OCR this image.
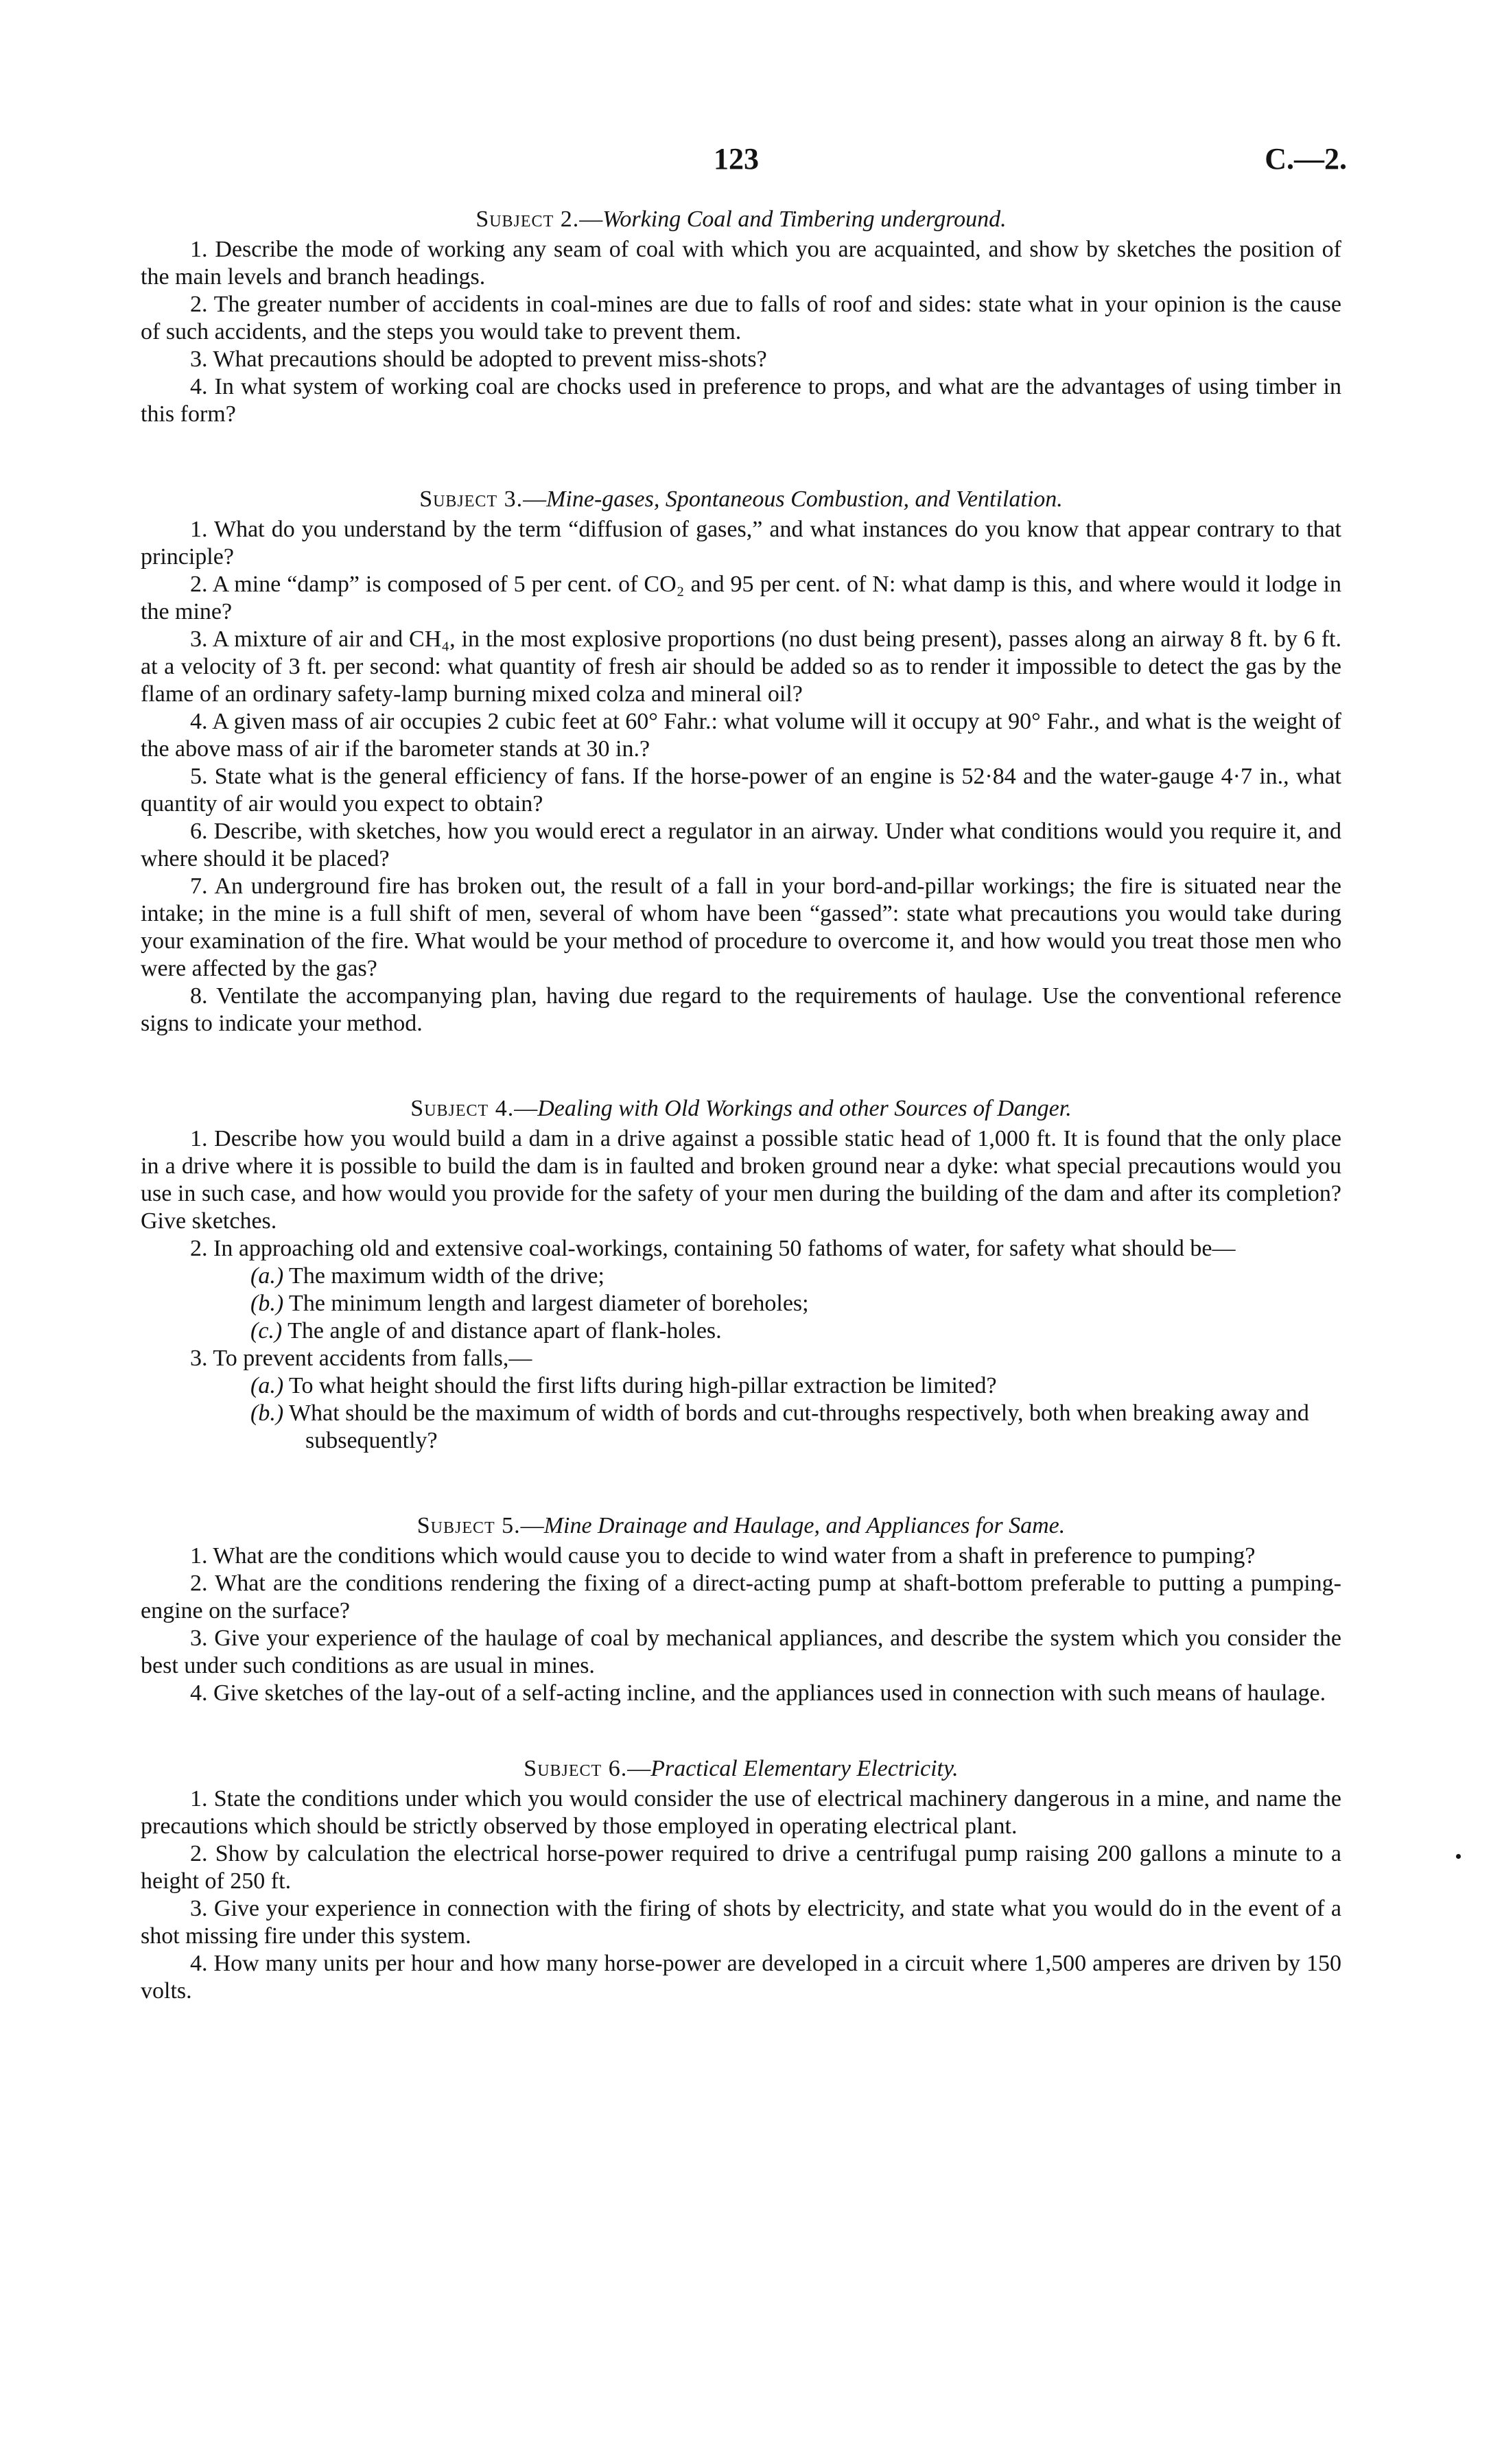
123	C.—2.

Subject 2.—Working Coal and Timbering underground.

1. Describe the mode of working any seam of coal with which you are acquainted, and show by sketches the position of the main levels and branch headings.

2. The greater number of accidents in coal-mines are due to falls of roof and sides: state what in your opinion is the cause of such accidents, and the steps you would take to prevent them.

3. What precautions should be adopted to prevent miss-shots?

4. In what system of working coal are chocks used in preference to props, and what are the advantages of using timber in this form?

Subject 3.—Mine-gases, Spontaneous Combustion, and Ventilation.

1. What do you understand by the term “diffusion of gases,” and what instances do you know that appear contrary to that principle?

2. A mine “damp” is composed of 5 per cent. of CO₂ and 95 per cent. of N: what damp is this, and where would it lodge in the mine?

3. A mixture of air and CH₄, in the most explosive proportions (no dust being present), passes along an airway 8 ft. by 6 ft. at a velocity of 3 ft. per second: what quantity of fresh air should be added so as to render it impossible to detect the gas by the flame of an ordinary safety-lamp burning mixed colza and mineral oil?

4. A given mass of air occupies 2 cubic feet at 60° Fahr.: what volume will it occupy at 90° Fahr., and what is the weight of the above mass of air if the barometer stands at 30 in.?

5. State what is the general efficiency of fans. If the horse-power of an engine is 52·84 and the water-gauge 4·7 in., what quantity of air would you expect to obtain?

6. Describe, with sketches, how you would erect a regulator in an airway. Under what conditions would you require it, and where should it be placed?

7. An underground fire has broken out, the result of a fall in your bord-and-pillar workings; the fire is situated near the intake; in the mine is a full shift of men, several of whom have been “gassed”: state what precautions you would take during your examination of the fire. What would be your method of procedure to overcome it, and how would you treat those men who were affected by the gas?

8. Ventilate the accompanying plan, having due regard to the requirements of haulage. Use the conventional reference signs to indicate your method.

Subject 4.—Dealing with Old Workings and other Sources of Danger.

1. Describe how you would build a dam in a drive against a possible static head of 1,000 ft. It is found that the only place in a drive where it is possible to build the dam is in faulted and broken ground near a dyke: what special precautions would you use in such case, and how would you provide for the safety of your men during the building of the dam and after its completion? Give sketches.

2. In approaching old and extensive coal-workings, containing 50 fathoms of water, for safety what should be—

(a.) The maximum width of the drive;

(b.) The minimum length and largest diameter of boreholes;

(c.) The angle of and distance apart of flank-holes.

3. To prevent accidents from falls,—

(a.) To what height should the first lifts during high-pillar extraction be limited?

(b.) What should be the maximum of width of bords and cut-throughs respectively, both when breaking away and subsequently?

Subject 5.—Mine Drainage and Haulage, and Appliances for Same.

1. What are the conditions which would cause you to decide to wind water from a shaft in preference to pumping?

2. What are the conditions rendering the fixing of a direct-acting pump at shaft-bottom preferable to putting a pumping-engine on the surface?

3. Give your experience of the haulage of coal by mechanical appliances, and describe the system which you consider the best under such conditions as are usual in mines.

4. Give sketches of the lay-out of a self-acting incline, and the appliances used in connection with such means of haulage.

Subject 6.—Practical Elementary Electricity.

1. State the conditions under which you would consider the use of electrical machinery dangerous in a mine, and name the precautions which should be strictly observed by those employed in operating electrical plant.

2. Show by calculation the electrical horse-power required to drive a centrifugal pump raising 200 gallons a minute to a height of 250 ft.

3. Give your experience in connection with the firing of shots by electricity, and state what you would do in the event of a shot missing fire under this system.

4. How many units per hour and how many horse-power are developed in a circuit where 1,500 amperes are driven by 150 volts.
